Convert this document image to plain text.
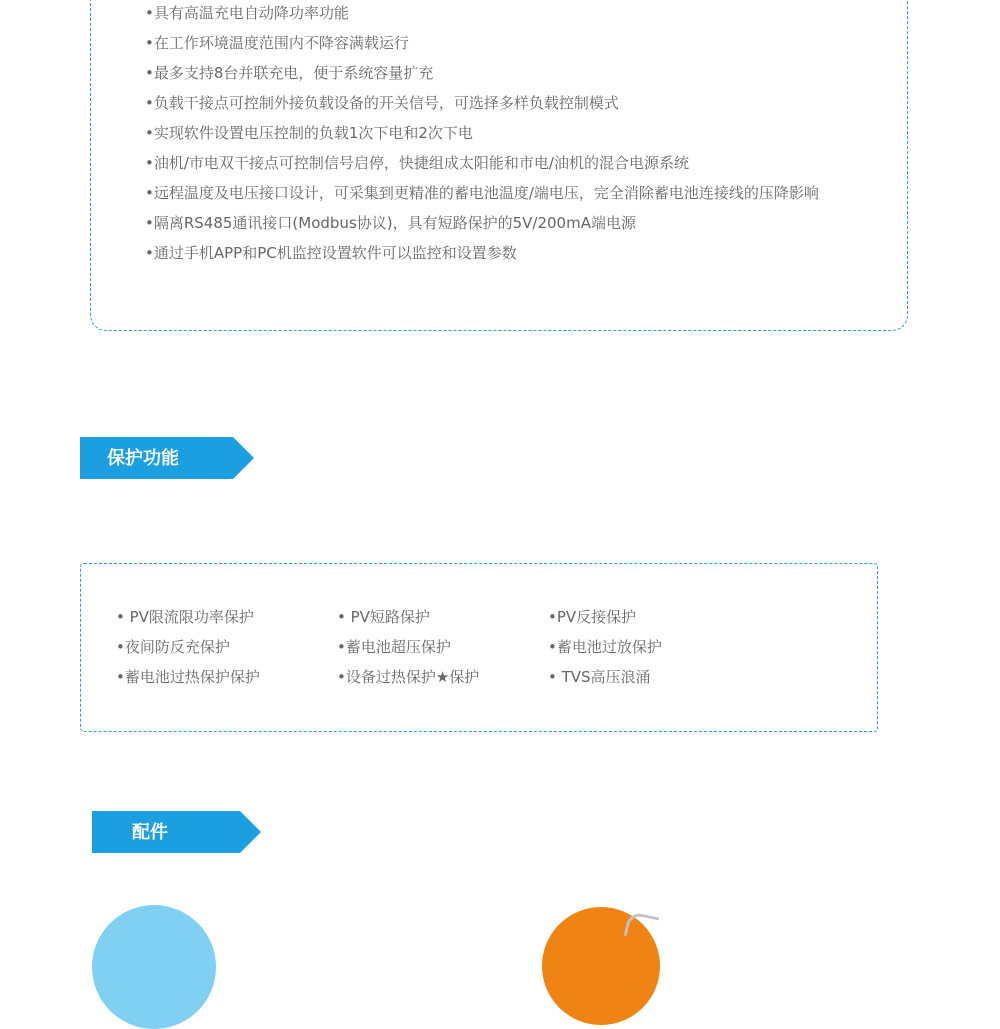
•具有高温充电自动降功率功能
•在工作环境温度范围内不降容满载运行
•最多支持8台并联充电，便于系统容量扩充
•负载干接点可控制外接负载设备的开关信号，可选择多样负载控制模式
•实现软件设置电压控制的负载1次下电和2次下电
•油机/市电双干接点可控制信号启停，快捷组成太阳能和市电/油机的混合电源系统
•远程温度及电压接口设计，可采集到更精准的蓄电池温度/端电压，完全消除蓄电池连接线的压降影响
•隔离RS485通讯接口(Modbus协议)，具有短路保护的5V/200mA端电源
•通过手机APP和PC机监控设置软件可以监控和设置参数
保护功能
• PV限流限功率保护	• PV短路保护	•PV反接保护
•夜间防反充保护	•蓄电池超压保护	•蓄电池过放保护
•蓄电池过热保护保护	•设备过热保护★保护	• TVS高压浪涌
配件
